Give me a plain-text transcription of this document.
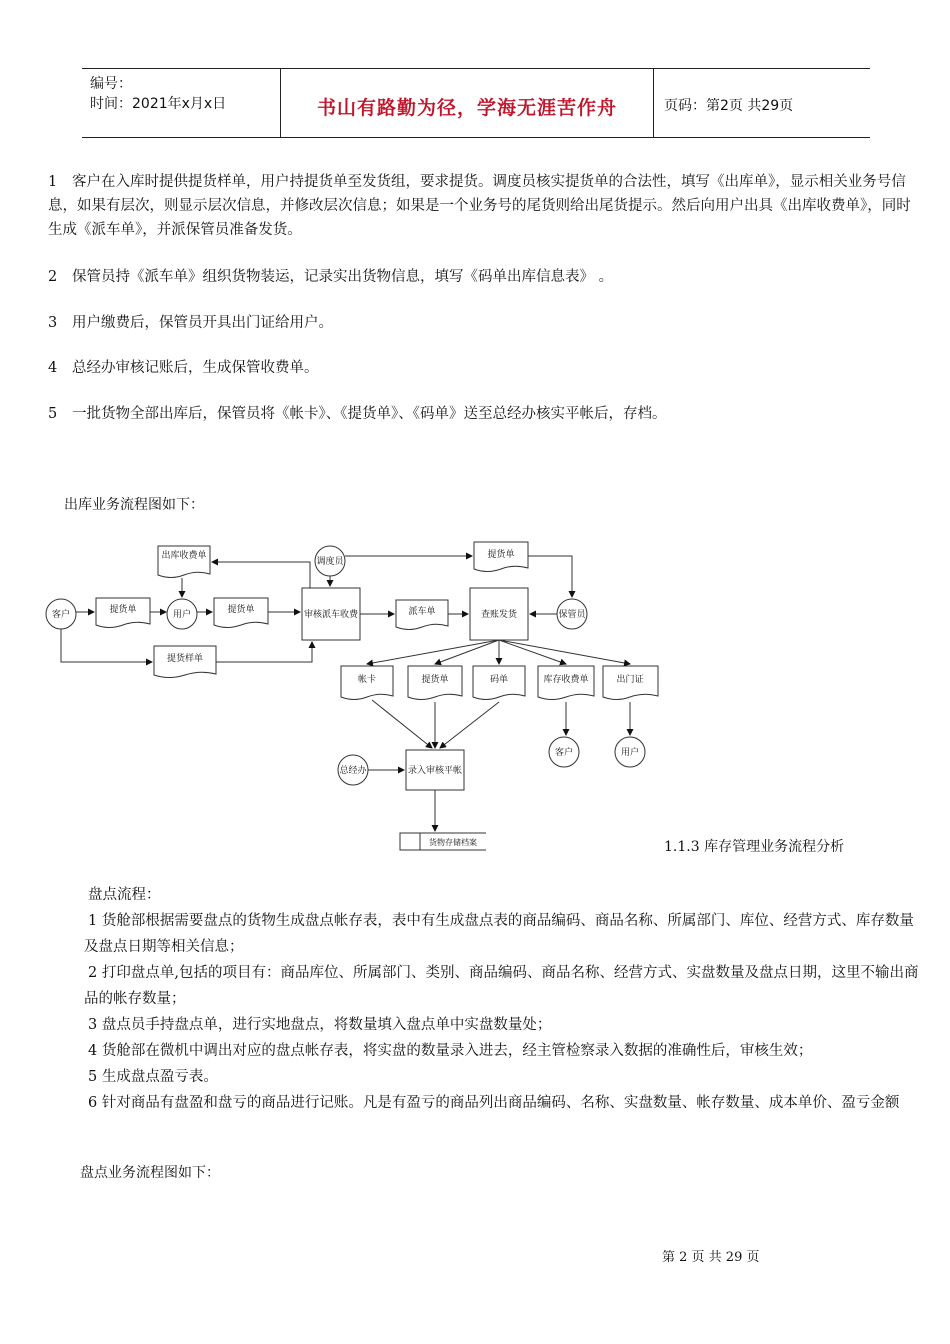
编号：
时间：2021年x月x日	书山有路勤为径，学海无涯苦作舟	页码：第2页 共29页
1 客户在入库时提供提货样单，用户持提货单至发货组，要求提货。调度员核实提货单的合法性，填写《出库单》，显示相关业务号信息，如果有层次，则显示层次信息，并修改层次信息；如果是一个业务号的尾货则给出尾货提示。然后向用户出具《出库收费单》，同时生成《派车单》，并派保管员准备发货。
2 保管员持《派车单》组织货物装运，记录实出货物信息，填写《码单出库信息表》 。
3 用户缴费后，保管员开具出门证给用户。
4 总经办审核记账后，生成保管收费单。
5 一批货物全部出库后，保管员将《帐卡》、《提货单》、《码单》送至总经办核实平帐后，存档。
出库业务流程图如下：
出库收费单
调度员
提货单
客户	提货单	用户	提货单	审核派车收费	派车单	查账发货	保管员
提货样单
帐卡	提货单	码单	库存收费单	出门证
客户	用户
总经办	录入审核平帐
货物存储档案	1.1.3 库存管理业务流程分析
盘点流程：
1 货舱部根据需要盘点的货物生成盘点帐存表，表中有生成盘点表的商品编码、商品名称、所属部门、库位、经营方式、库存数量及盘点日期等相关信息；
2 打印盘点单,包括的项目有：商品库位、所属部门、类别、商品编码、商品名称、经营方式、实盘数量及盘点日期，这里不输出商品的帐存数量；
3 盘点员手持盘点单，进行实地盘点，将数量填入盘点单中实盘数量处；
4 货舱部在微机中调出对应的盘点帐存表，将实盘的数量录入进去，经主管检察录入数据的准确性后，审核生效；
5 生成盘点盈亏表。
6 针对商品有盘盈和盘亏的商品进行记账。凡是有盈亏的商品列出商品编码、名称、实盘数量、帐存数量、成本单价、盈亏金额
盘点业务流程图如下：
第 2 页 共 29 页
